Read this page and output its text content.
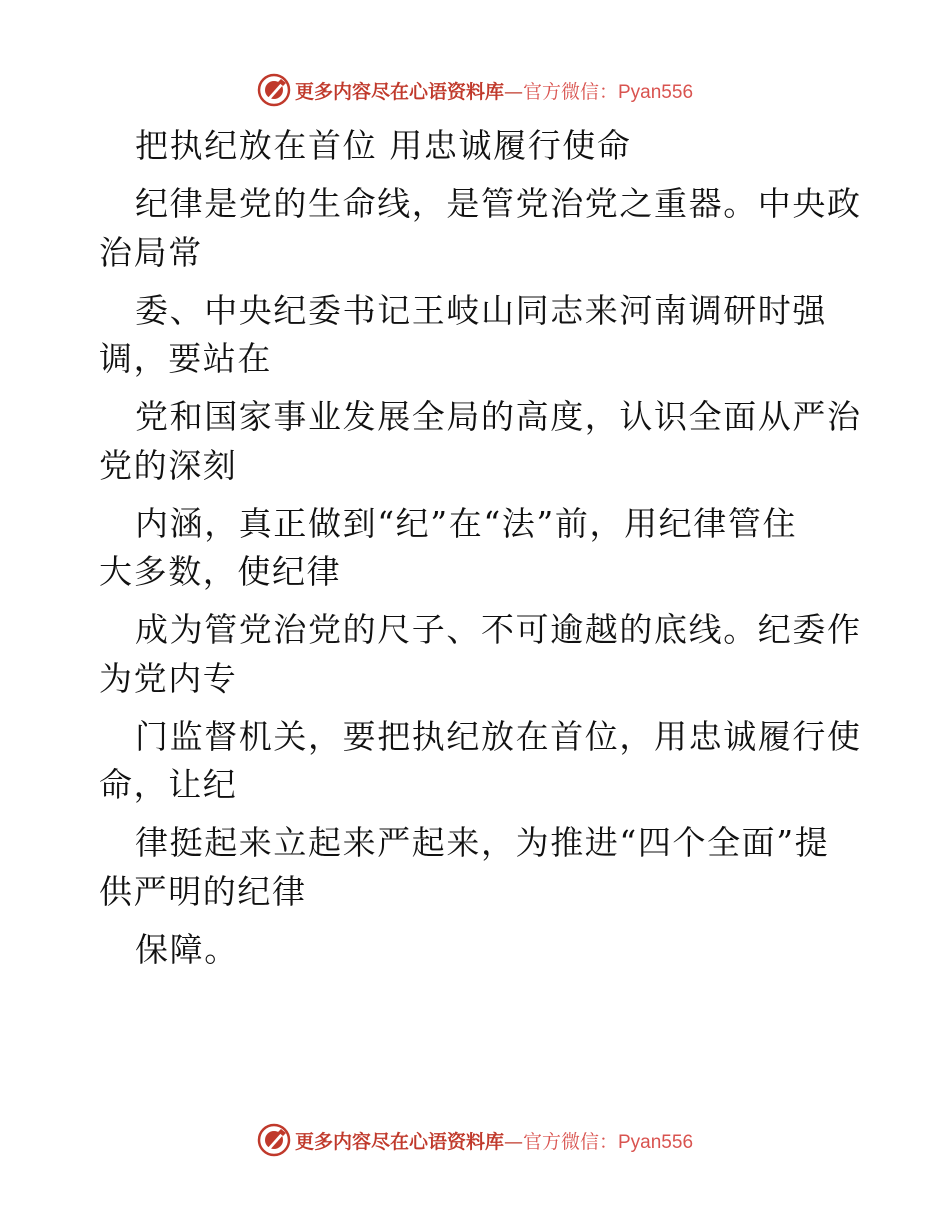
更多内容尽在心语资料库 — 官方微信： Pyan556
把执纪放在首位 用忠诚履行使命
纪律是党的生命线，是管党治党之重器。中央政
治局常
委、中央纪委书记王岐山同志来河南调研时强
调，要站在
党和国家事业发展全局的高度，认识全面从严治
党的深刻
内涵，真正做到“纪”在“法”前，用纪律管住
大多数，使纪律
成为管党治党的尺子、不可逾越的底线。纪委作
为党内专
门监督机关，要把执纪放在首位，用忠诚履行使
命，让纪
律挺起来立起来严起来，为推进“四个全面”提
供严明的纪律
保障。
更多内容尽在心语资料库 — 官方微信： Pyan556
